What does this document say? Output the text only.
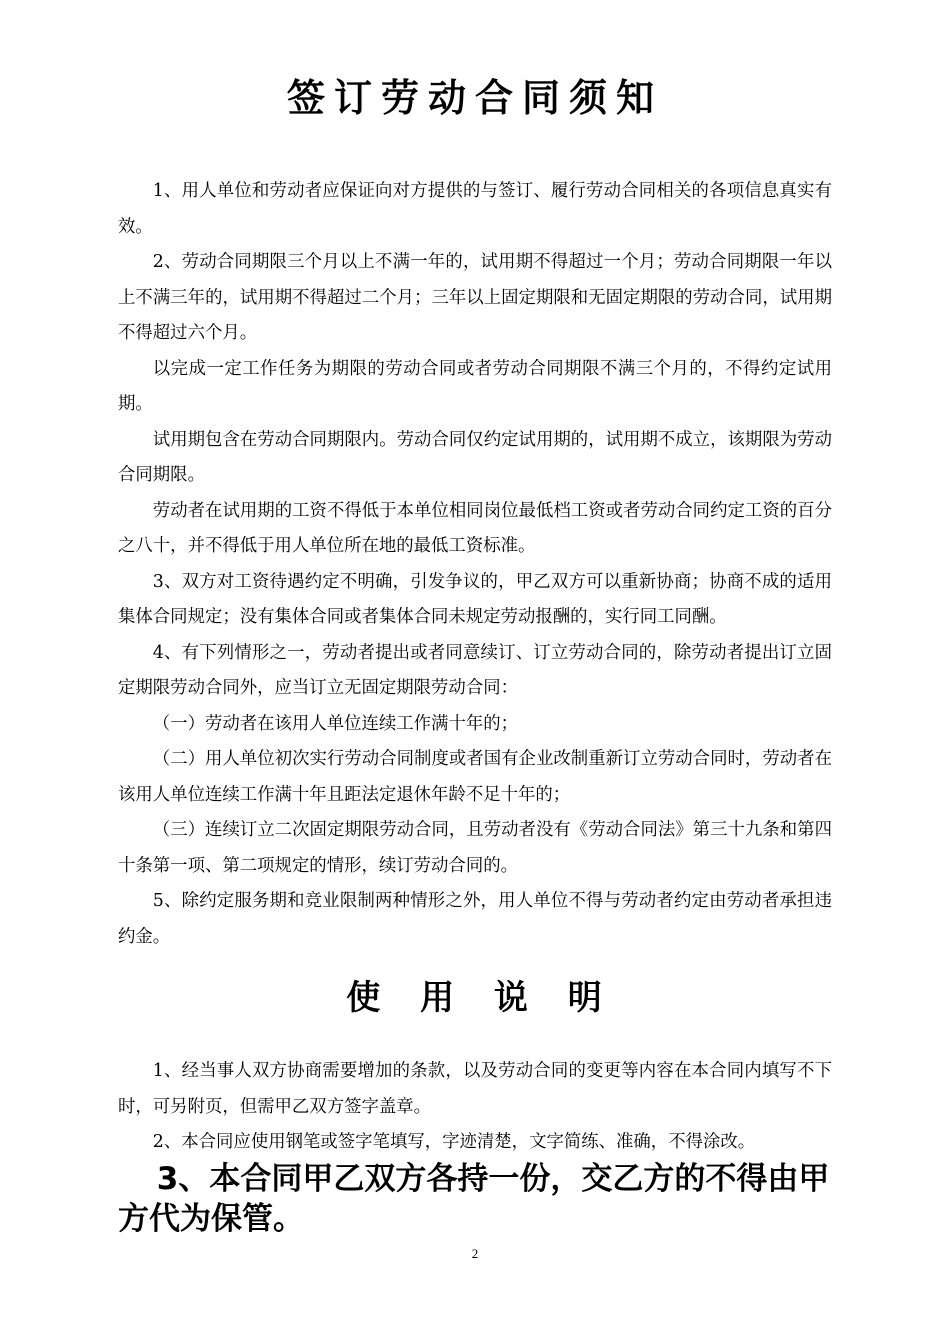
签订劳动合同须知

1、用人单位和劳动者应保证向对方提供的与签订、履行劳动合同相关的各项信息真实有效。

2、劳动合同期限三个月以上不满一年的，试用期不得超过一个月；劳动合同期限一年以上不满三年的，试用期不得超过二个月；三年以上固定期限和无固定期限的劳动合同，试用期不得超过六个月。

以完成一定工作任务为期限的劳动合同或者劳动合同期限不满三个月的，不得约定试用期。

试用期包含在劳动合同期限内。劳动合同仅约定试用期的，试用期不成立，该期限为劳动合同期限。

劳动者在试用期的工资不得低于本单位相同岗位最低档工资或者劳动合同约定工资的百分之八十，并不得低于用人单位所在地的最低工资标准。

3、双方对工资待遇约定不明确，引发争议的，甲乙双方可以重新协商；协商不成的适用集体合同规定；没有集体合同或者集体合同未规定劳动报酬的，实行同工同酬。

4、有下列情形之一，劳动者提出或者同意续订、订立劳动合同的，除劳动者提出订立固定期限劳动合同外，应当订立无固定期限劳动合同：

（一）劳动者在该用人单位连续工作满十年的；

（二）用人单位初次实行劳动合同制度或者国有企业改制重新订立劳动合同时，劳动者在该用人单位连续工作满十年且距法定退休年龄不足十年的；

（三）连续订立二次固定期限劳动合同，且劳动者没有《劳动合同法》第三十九条和第四十条第一项、第二项规定的情形，续订劳动合同的。

5、除约定服务期和竞业限制两种情形之外，用人单位不得与劳动者约定由劳动者承担违约金。

使 用 说 明

1、经当事人双方协商需要增加的条款，以及劳动合同的变更等内容在本合同内填写不下时，可另附页，但需甲乙双方签字盖章。

2、本合同应使用钢笔或签字笔填写，字迹清楚，文字简练、准确，不得涂改。

3、本合同甲乙双方各持一份，交乙方的不得由甲方代为保管。

2
